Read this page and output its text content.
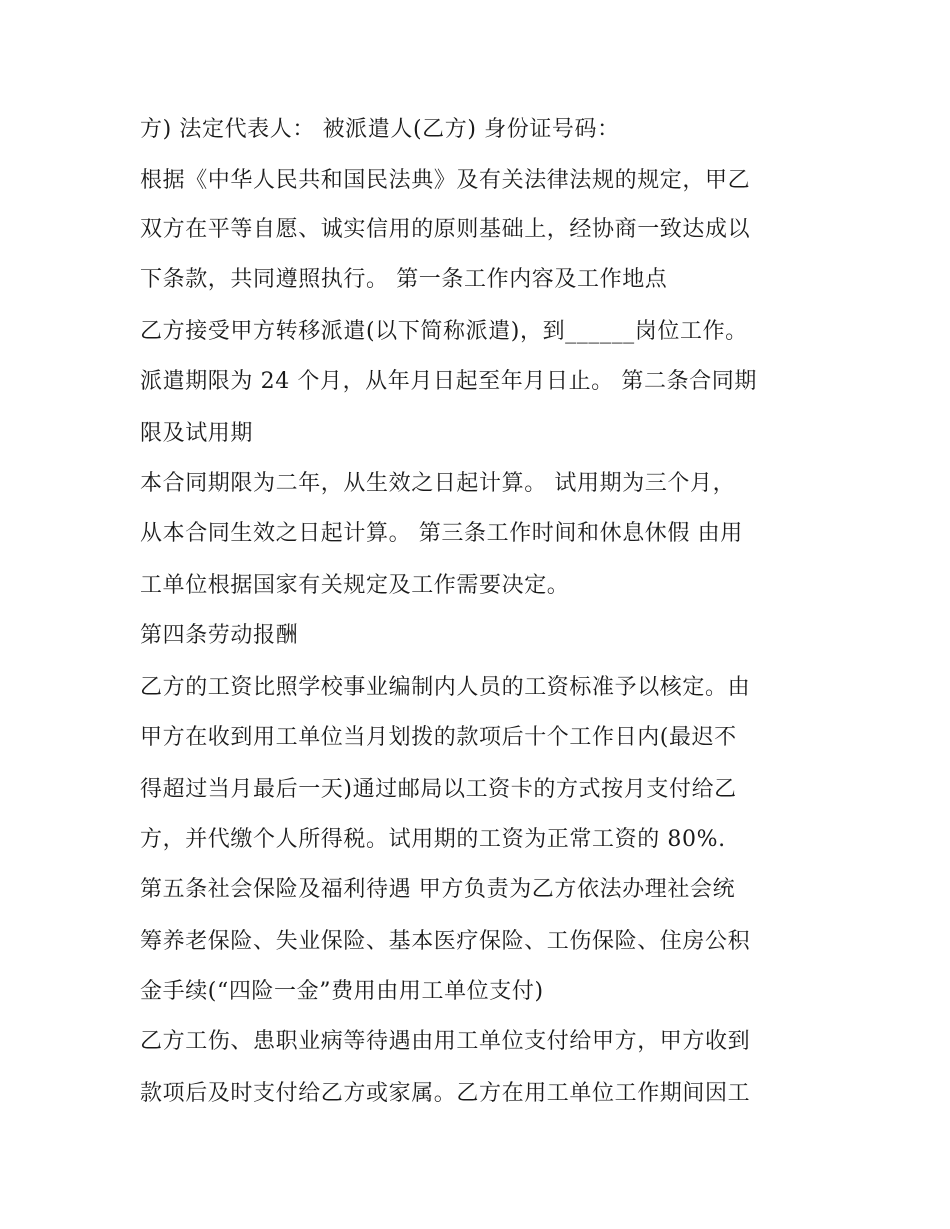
方) 法定代表人： 被派遣人(乙方) 身份证号码：
根据《中华人民共和国民法典》及有关法律法规的规定，甲乙
双方在平等自愿、诚实信用的原则基础上，经协商一致达成以
下条款，共同遵照执行。 第一条工作内容及工作地点
乙方接受甲方转移派遣(以下简称派遣)，到______岗位工作。
派遣期限为 24 个月，从年月日起至年月日止。 第二条合同期
限及试用期
本合同期限为二年，从生效之日起计算。 试用期为三个月，
从本合同生效之日起计算。 第三条工作时间和休息休假 由用
工单位根据国家有关规定及工作需要决定。
第四条劳动报酬
乙方的工资比照学校事业编制内人员的工资标准予以核定。由
甲方在收到用工单位当月划拨的款项后十个工作日内(最迟不
得超过当月最后一天)通过邮局以工资卡的方式按月支付给乙
方，并代缴个人所得税。试用期的工资为正常工资的 80%.
第五条社会保险及福利待遇 甲方负责为乙方依法办理社会统
筹养老保险、失业保险、基本医疗保险、工伤保险、住房公积
金手续(“四险一金”费用由用工单位支付)
乙方工伤、患职业病等待遇由用工单位支付给甲方，甲方收到
款项后及时支付给乙方或家属。乙方在用工单位工作期间因工
